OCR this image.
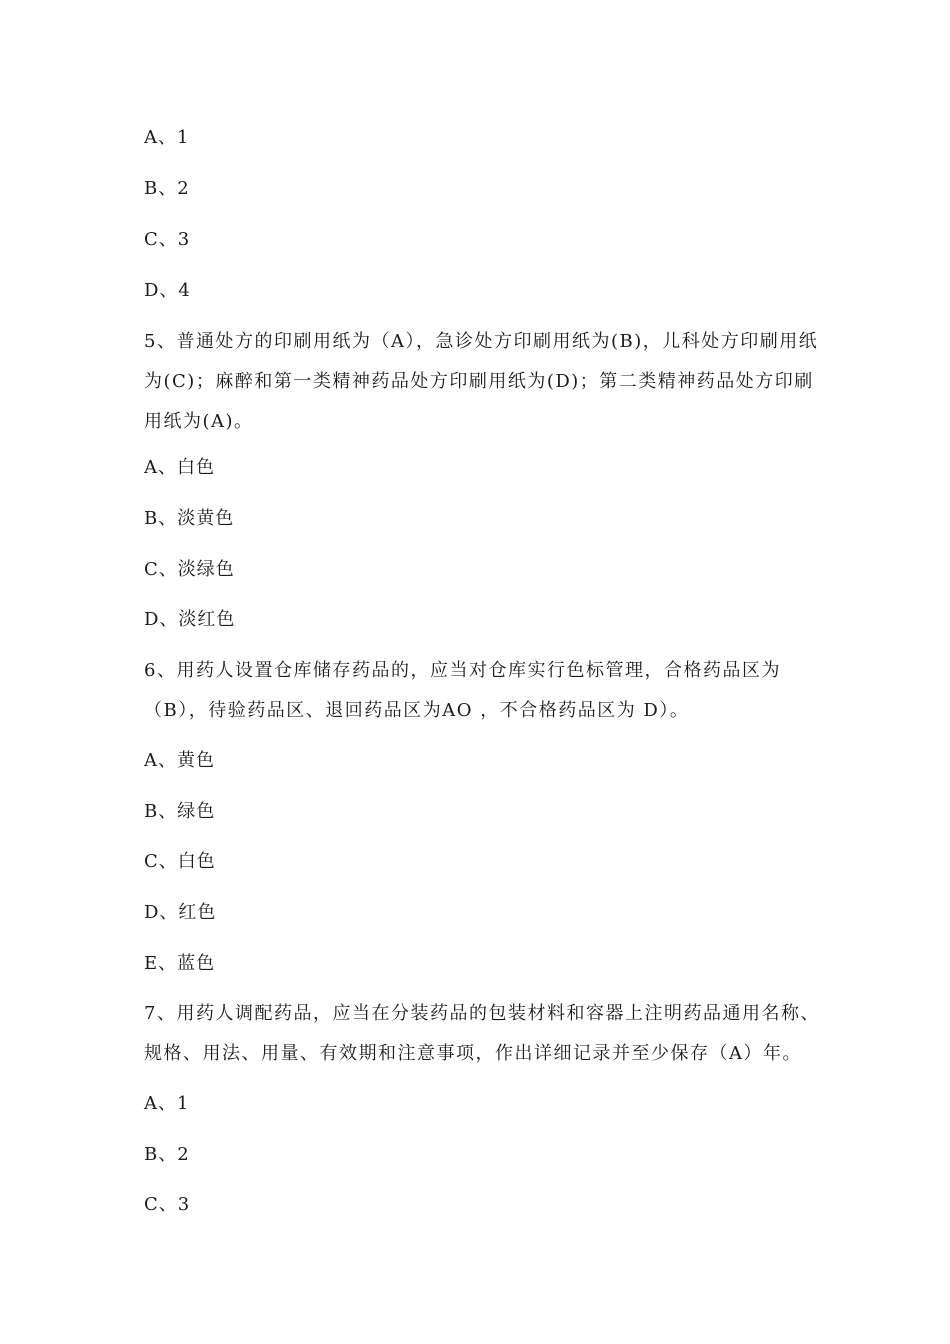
A、1
B、2
C、3
D、4
5、普通处方的印刷用纸为（A），急诊处方印刷用纸为(B)，儿科处方印刷用纸
为(C)；麻醉和第一类精神药品处方印刷用纸为(D)；第二类精神药品处方印刷
用纸为(A)。
A、白色
B、淡黄色
C、淡绿色
D、淡红色
6、用药人设置仓库储存药品的，应当对仓库实行色标管理，合格药品区为
（B），待验药品区、退回药品区为AO ，不合格药品区为 D）。
A、黄色
B、绿色
C、白色
D、红色
E、蓝色
7、用药人调配药品，应当在分装药品的包装材料和容器上注明药品通用名称、
规格、用法、用量、有效期和注意事项，作出详细记录并至少保存（A）年。
A、1
B、2
C、3
